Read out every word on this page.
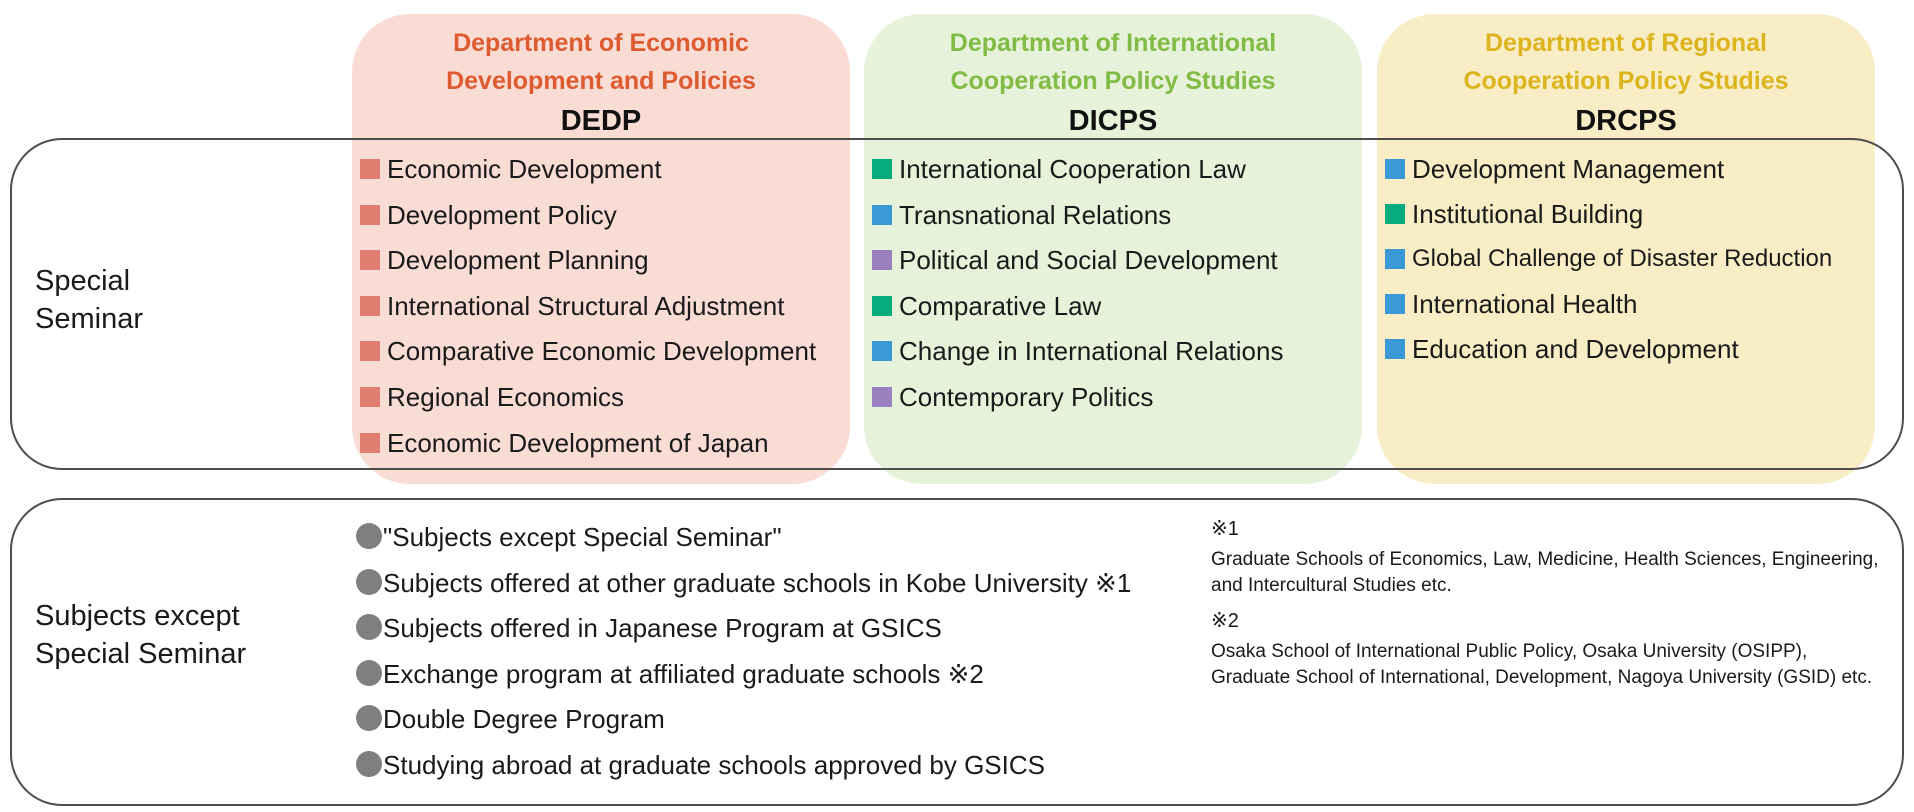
Department of Economic Development and Policies
DEDP
Department of International Cooperation Policy Studies
DICPS
Department of Regional Cooperation Policy Studies
DRCPS
Special Seminar
Subjects except Special Seminar
Economic Development
Development Policy
Development Planning
International Structural Adjustment
Comparative Economic Development
Regional Economics
Economic Development of Japan
International Cooperation Law
Transnational Relations
Political and Social Development
Comparative Law
Change in International Relations
Contemporary Politics
Development Management
Institutional Building
Global Challenge of Disaster Reduction
International Health
Education and Development
"Subjects except Special Seminar"
Subjects offered at other graduate schools in Kobe University ※1
Subjects offered in Japanese Program at GSICS
Exchange program at affiliated graduate schools ※2
Double Degree Program
Studying abroad at graduate schools approved by GSICS
※1
Graduate Schools of Economics, Law, Medicine, Health Sciences, Engineering, and Intercultural Studies etc.
※2
Osaka School of International Public Policy, Osaka University (OSIPP), Graduate School of International, Development, Nagoya University (GSID) etc.
